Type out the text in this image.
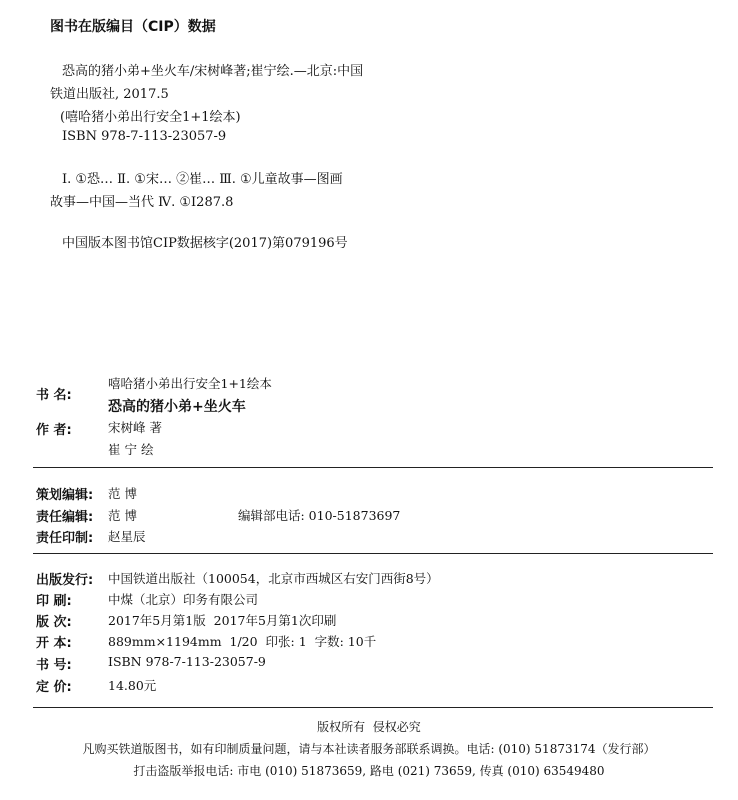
图书在版编目（CIP）数据
恐高的猪小弟+坐火车/宋树峰著;崔宁绘.—北京:中国
铁道出版社, 2017.5
(嘻哈猪小弟出行安全1+1绘本)
ISBN 978-7-113-23057-9
Ⅰ. ①恐… Ⅱ. ①宋… ②崔… Ⅲ. ①儿童故事—图画
故事—中国—当代 Ⅳ. ①I287.8
中国版本图书馆CIP数据核字(2017)第079196号
书 名:
嘻哈猪小弟出行安全1+1绘本
恐高的猪小弟+坐火车
作 者:	宋树峰 著
崔 宁 绘
策划编辑: 范 博
责任编辑: 范 博	编辑部电话: 010-51873697
责任印制: 赵星辰
出版发行: 中国铁道出版社（100054，北京市西城区右安门西街8号）
印 刷:	中煤（北京）印务有限公司
版 次:	2017年5月第1版  2017年5月第1次印刷
开 本:	889mm×1194mm  1/20  印张: 1  字数: 10千
书 号:	ISBN 978-7-113-23057-9
定 价:	14.80元
版权所有  侵权必究
凡购买铁道版图书，如有印制质量问题，请与本社读者服务部联系调换。电话: (010) 51873174（发行部）
打击盗版举报电话: 市电 (010) 51873659, 路电 (021) 73659, 传真 (010) 63549480
